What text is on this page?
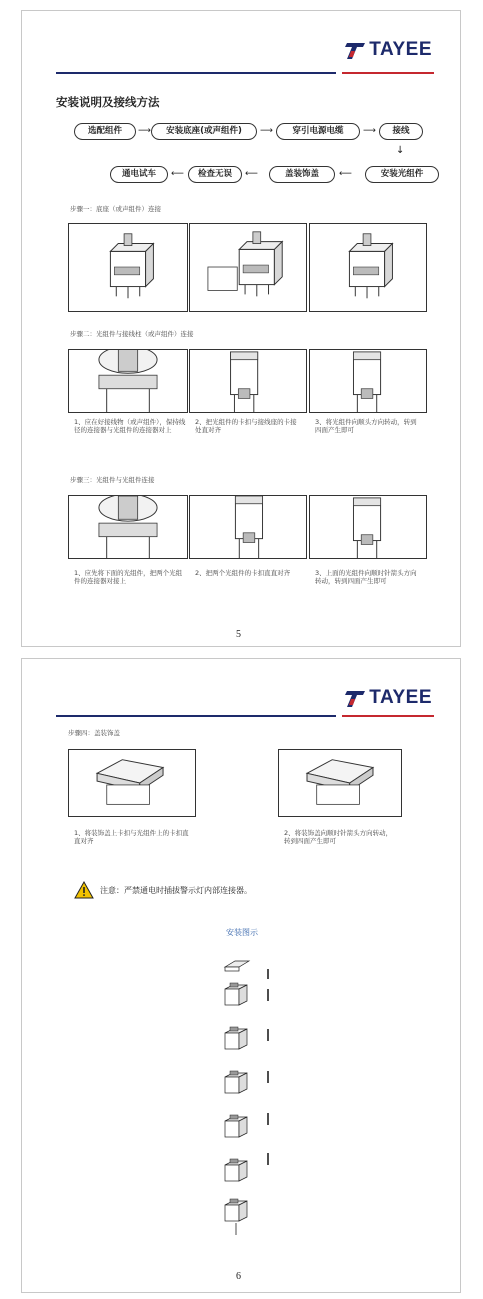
TAYEE
安装说明及接线方法
选配组件	⟶	安装底座(或声组件)	⟶	穿引电源电缆	⟶	接线
↓
通电试车	⟵	检查无误	⟵	盖装饰盖	⟵	安装光组件
步骤一：底座（或声组件）连接
步骤二：光组件与接线柱（或声组件）连接
1、应在好接线物（或声组件），保持线径的连接器与光组件的连接器对上
2、把光组件的卡扣与接线座的卡接处直对齐
3、将光组件向顺头方向转动，转到四面产生即可
步骤三：光组件与光组件连接
1、应先将下面的光组件，把两个光组件的连接器对接上
2、把两个光组件的卡扣直直对齐	3、上面的光组件向顺时针箭头方向转动，转到四面产生即可
5
TAYEE
步骤四：盖装饰盖
1、将装饰盖上卡扣与光组件上的卡扣直直对齐
2、将装饰盖向顺时针箭头方向转动，转到四面产生即可
注意：严禁通电时插拔警示灯内部连接器。
安装图示
6
